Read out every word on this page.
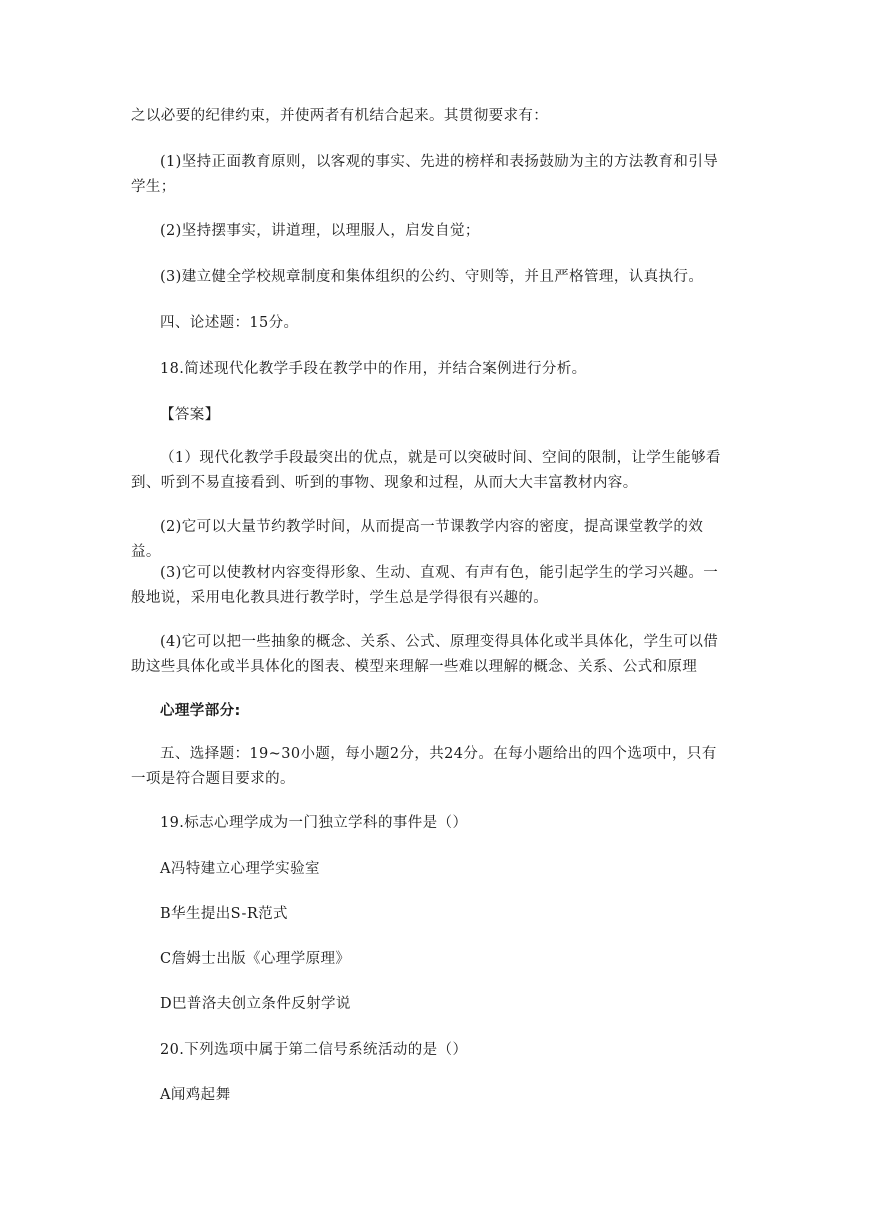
之以必要的纪律约束，并使两者有机结合起来。其贯彻要求有：

(1)坚持正面教育原则，以客观的事实、先进的榜样和表扬鼓励为主的方法教育和引导学生；

(2)坚持摆事实，讲道理，以理服人，启发自觉；

(3)建立健全学校规章制度和集体组织的公约、守则等，并且严格管理，认真执行。

四、论述题：15分。

18.简述现代化教学手段在教学中的作用，并结合案例进行分析。

【答案】

（1）现代化教学手段最突出的优点，就是可以突破时间、空间的限制，让学生能够看到、听到不易直接看到、听到的事物、现象和过程，从而大大丰富教材内容。

(2)它可以大量节约教学时间，从而提高一节课教学内容的密度，提高课堂教学的效益。

(3)它可以使教材内容变得形象、生动、直观、有声有色，能引起学生的学习兴趣。一般地说，采用电化教具进行教学时，学生总是学得很有兴趣的。

(4)它可以把一些抽象的概念、关系、公式、原理变得具体化或半具体化，学生可以借助这些具体化或半具体化的图表、模型来理解一些难以理解的概念、关系、公式和原理

心理学部分:

五、选择题：19~30小题，每小题2分，共24分。在每小题给出的四个选项中，只有一项是符合题目要求的。

19.标志心理学成为一门独立学科的事件是（）

A冯特建立心理学实验室

B华生提出S-R范式

C詹姆士出版《心理学原理》

D巴普洛夫创立条件反射学说

20.下列选项中属于第二信号系统活动的是（）

A闻鸡起舞
